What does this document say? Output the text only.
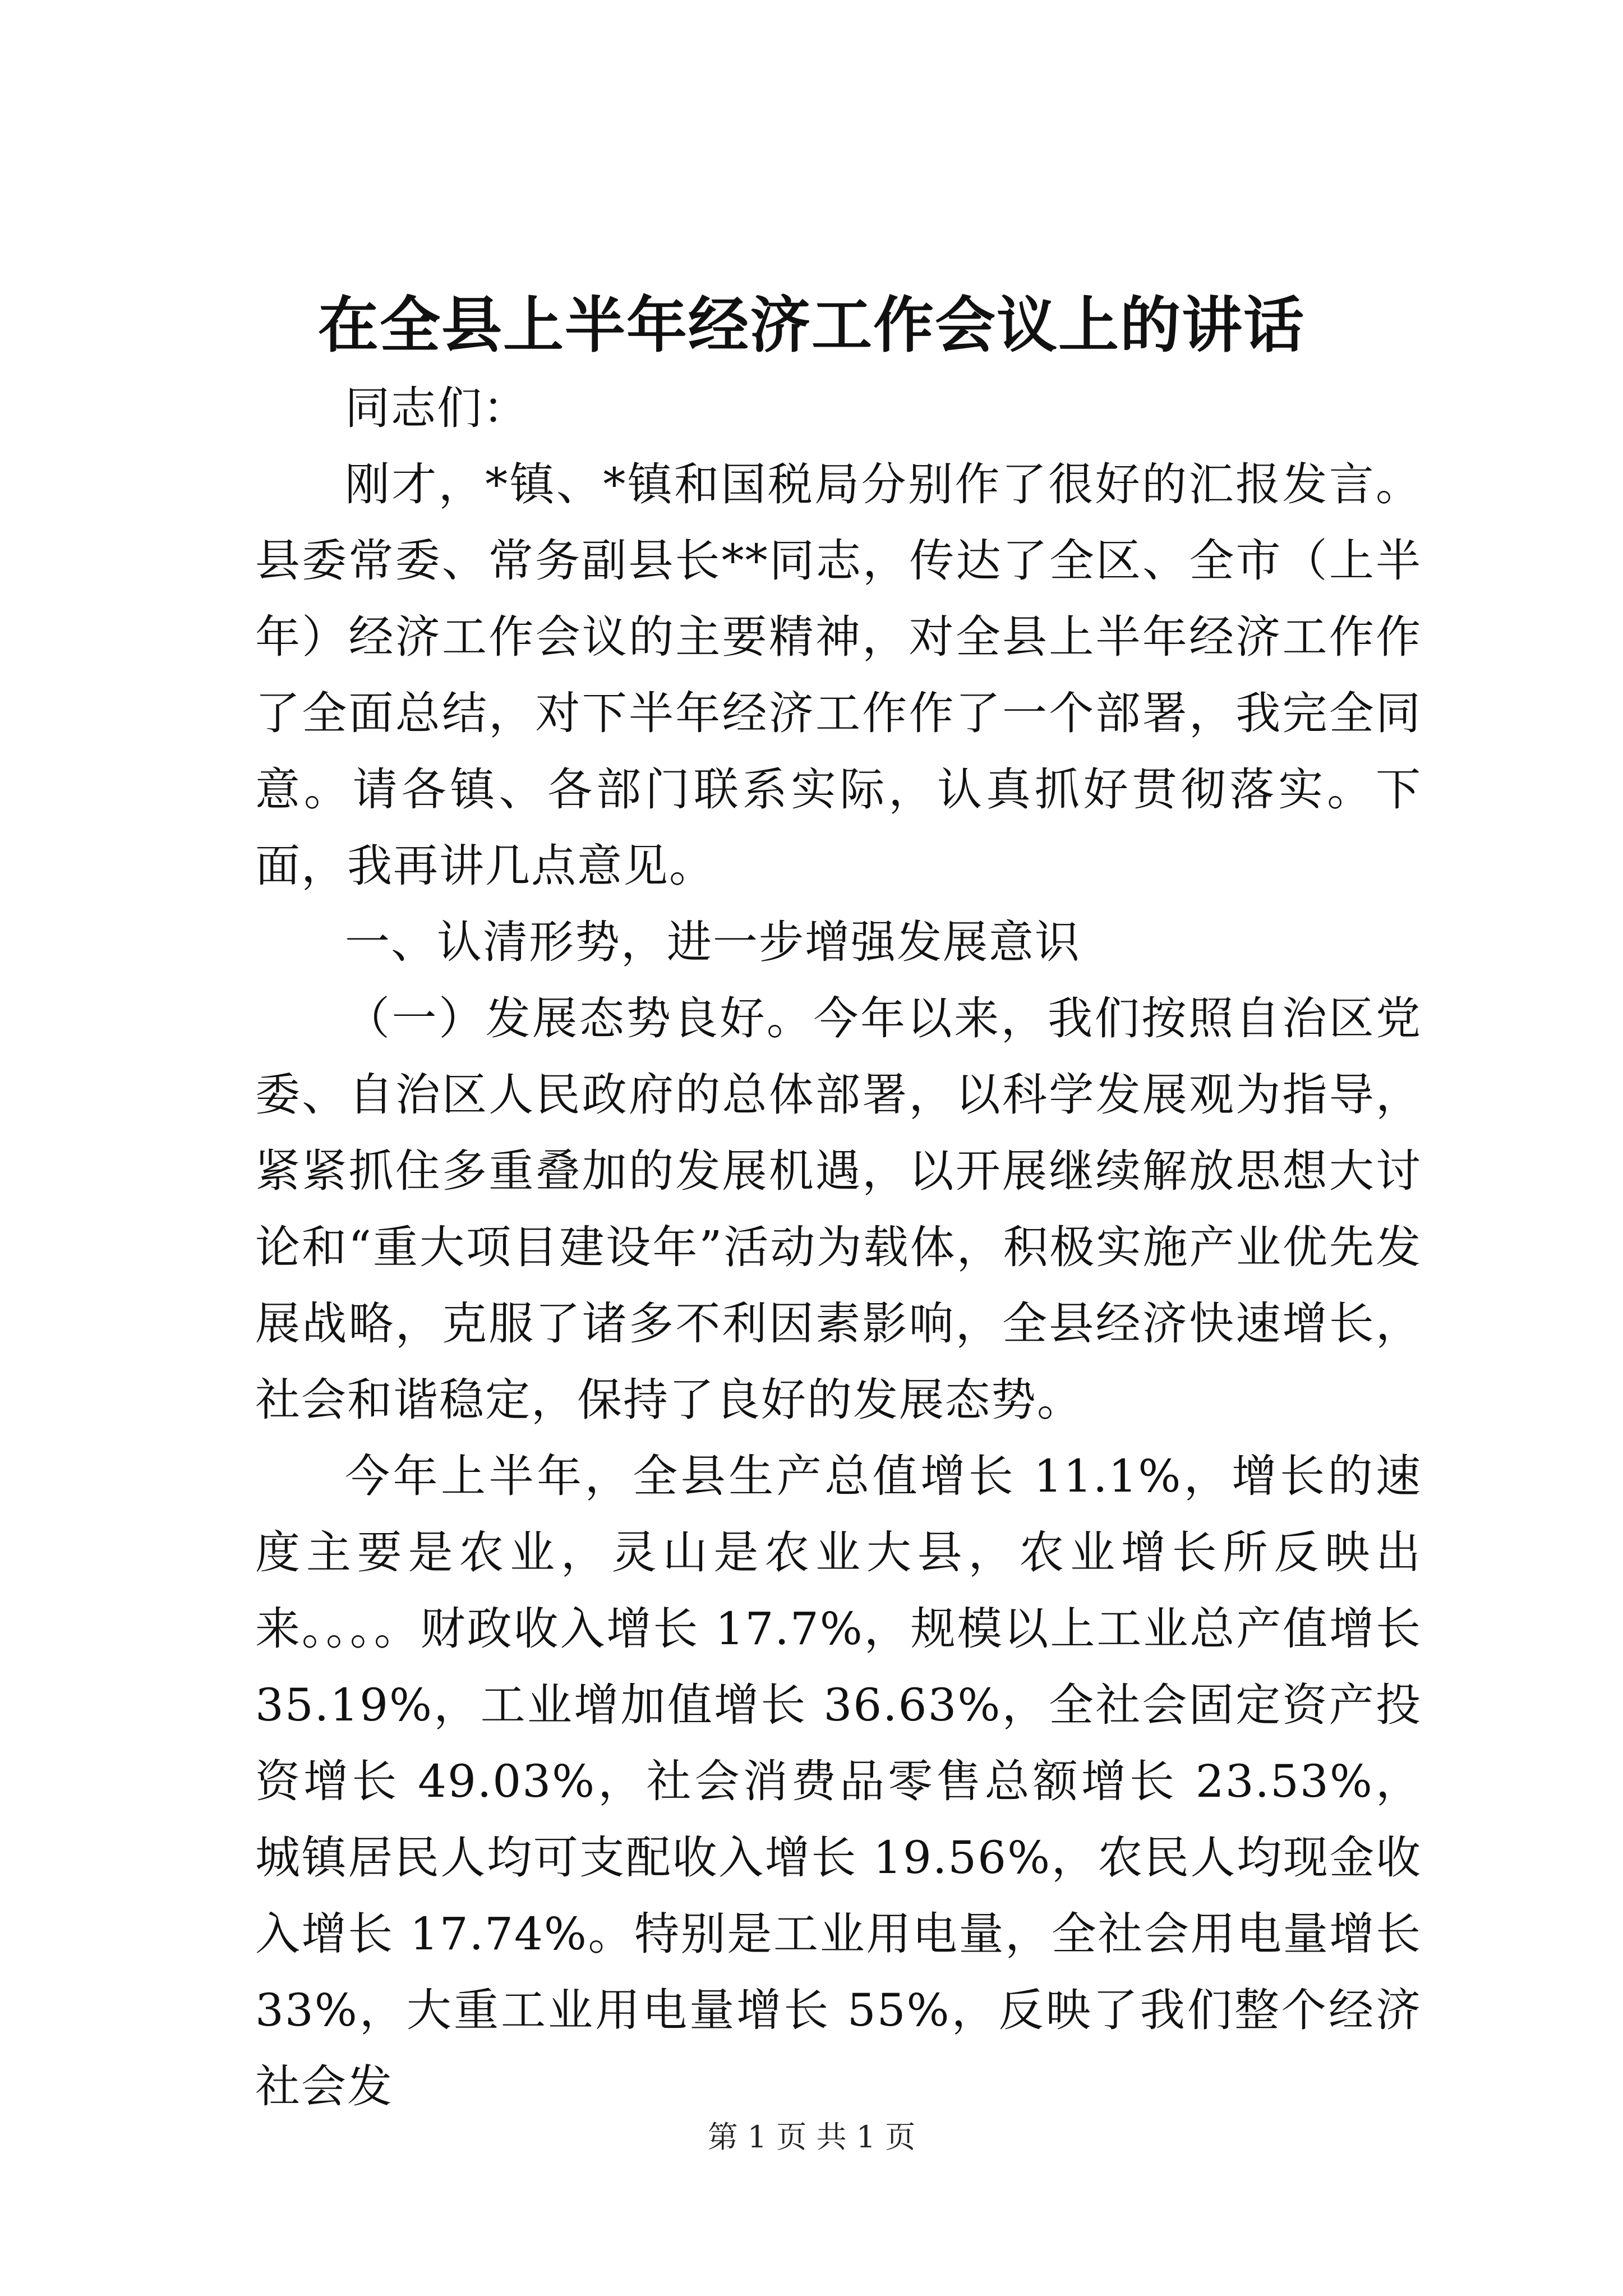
在全县上半年经济工作会议上的讲话

同志们：

刚才，*镇、*镇和国税局分别作了很好的汇报发言。县委常委、常务副县长**同志，传达了全区、全市（上半年）经济工作会议的主要精神，对全县上半年经济工作作了全面总结，对下半年经济工作作了一个部署，我完全同意。请各镇、各部门联系实际，认真抓好贯彻落实。下面，我再讲几点意见。

一、认清形势，进一步增强发展意识

（一）发展态势良好。今年以来，我们按照自治区党委、自治区人民政府的总体部署，以科学发展观为指导，紧紧抓住多重叠加的发展机遇，以开展继续解放思想大讨论和“重大项目建设年”活动为载体，积极实施产业优先发展战略，克服了诸多不利因素影响，全县经济快速增长，社会和谐稳定，保持了良好的发展态势。

今年上半年，全县生产总值增长 11.1%，增长的速度主要是农业，灵山是农业大县，农业增长所反映出来。。。。财政收入增长 17.7%，规模以上工业总产值增长 35.19%，工业增加值增长 36.63%，全社会固定资产投资增长 49.03%，社会消费品零售总额增长 23.53%，城镇居民人均可支配收入增长 19.56%，农民人均现金收入增长 17.74%。特别是工业用电量，全社会用电量增长 33%，大重工业用电量增长 55%，反映了我们整个经济社会发

第 1 页 共 1 页
